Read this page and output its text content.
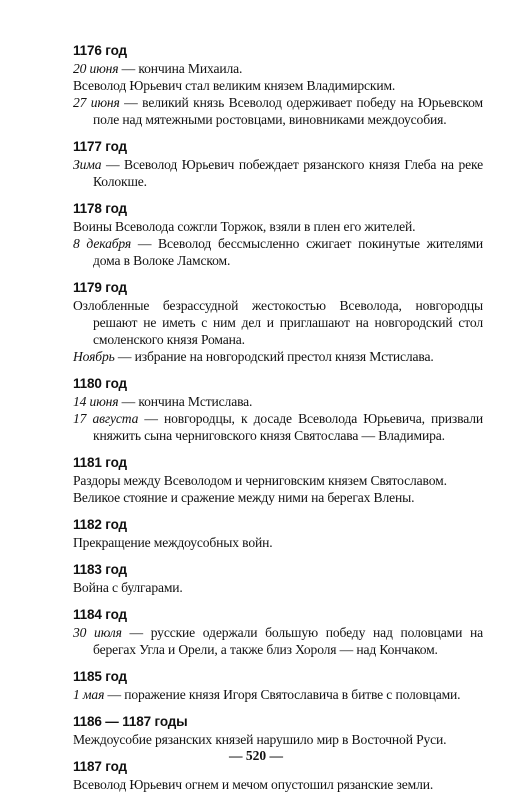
1176 год

20 июня — кончина Михаила.

Всеволод Юрьевич стал великим князем Владимирским.

27 июня — великий князь Всеволод одерживает победу на Юрьевском поле над мятежными ростовцами, виновниками междоусобия.

1177 год

Зима — Всеволод Юрьевич побеждает рязанского князя Глеба на реке Колокше.

1178 год

Воины Всеволода сожгли Торжок, взяли в плен его жителей.

8 декабря — Всеволод бессмысленно сжигает покинутые жителями дома в Волоке Ламском.

1179 год

Озлобленные безрассудной жестокостью Всеволода, новгородцы решают не иметь с ним дел и приглашают на новгородский стол смоленского князя Романа.

Ноябрь — избрание на новгородский престол князя Мстислава.

1180 год

14 июня — кончина Мстислава.

17 августа — новгородцы, к досаде Всеволода Юрьевича, призвали княжить сына черниговского князя Святослава — Владимира.

1181 год

Раздоры между Всеволодом и черниговским князем Святославом.

Великое стояние и сражение между ними на берегах Влены.

1182 год

Прекращение междоусобных войн.

1183 год

Война с булгарами.

1184 год

30 июля — русские одержали большую победу над половцами на берегах Угла и Орели, а также близ Хороля — над Кончаком.

1185 год

1 мая — поражение князя Игоря Святославича в битве с половцами.

1186 — 1187 годы

Междоусобие рязанских князей нарушило мир в Восточной Руси.

1187 год

Всеволод Юрьевич огнем и мечом опустошил рязанские земли.

— 520 —
